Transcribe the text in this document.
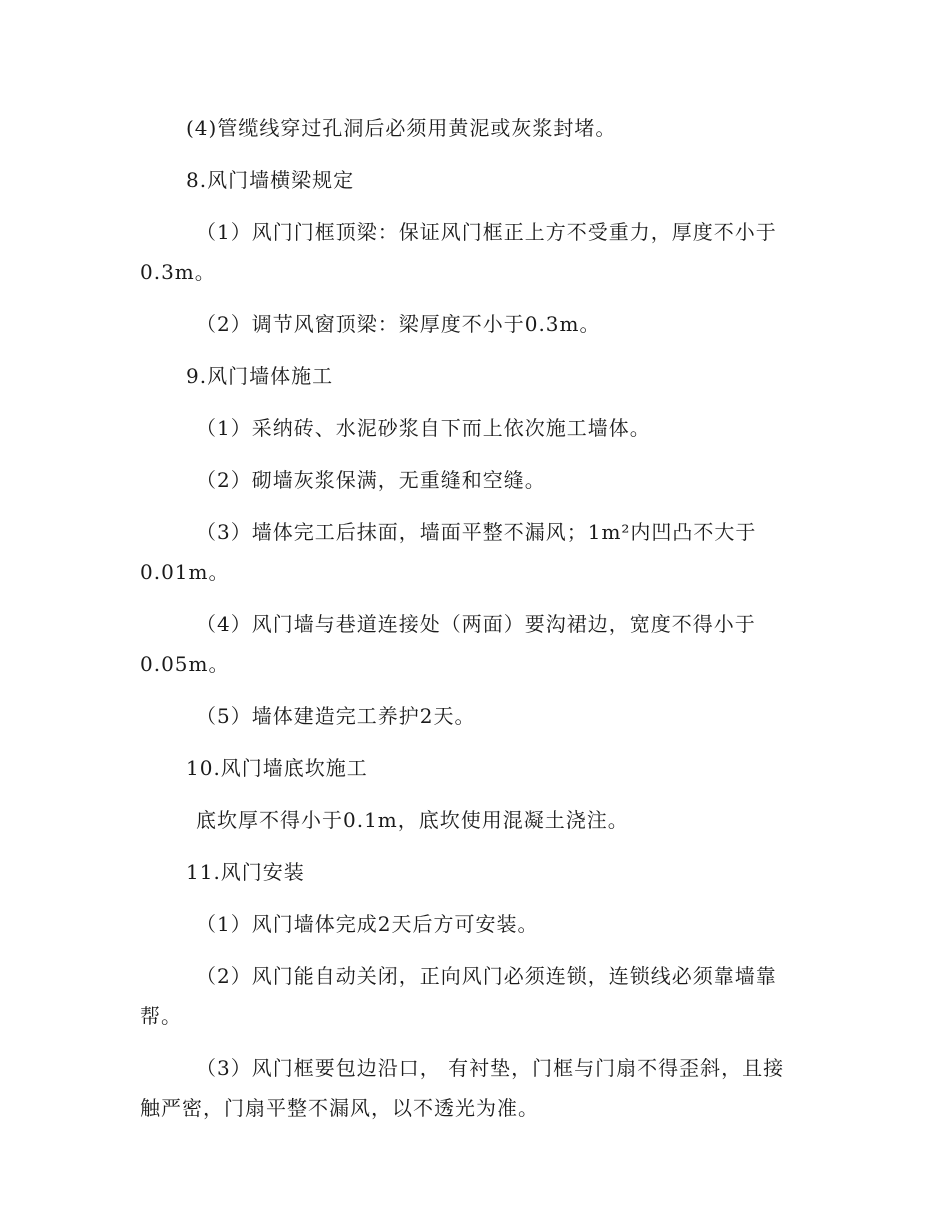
(4)管缆线穿过孔洞后必须用黄泥或灰浆封堵。
8.风门墙横梁规定
（1）风门门框顶梁：保证风门框正上方不受重力，厚度不小于
0.3m。
（2）调节风窗顶梁：梁厚度不小于0.3m。
9.风门墙体施工
（1）采纳砖、水泥砂浆自下而上依次施工墙体。
（2）砌墙灰浆保满，无重缝和空缝。
（3）墙体完工后抹面，墙面平整不漏风；1m²内凹凸不大于
0.01m。
（4）风门墙与巷道连接处（两面）要沟裙边，宽度不得小于
0.05m。
（5）墙体建造完工养护2天。
10.风门墙底坎施工
底坎厚不得小于0.1m，底坎使用混凝土浇注。
11.风门安装
（1）风门墙体完成2天后方可安装。
（2）风门能自动关闭，正向风门必须连锁，连锁线必须靠墙靠
帮。
（3）风门框要包边沿口， 有衬垫，门框与门扇不得歪斜，且接
触严密，门扇平整不漏风，以不透光为准。
